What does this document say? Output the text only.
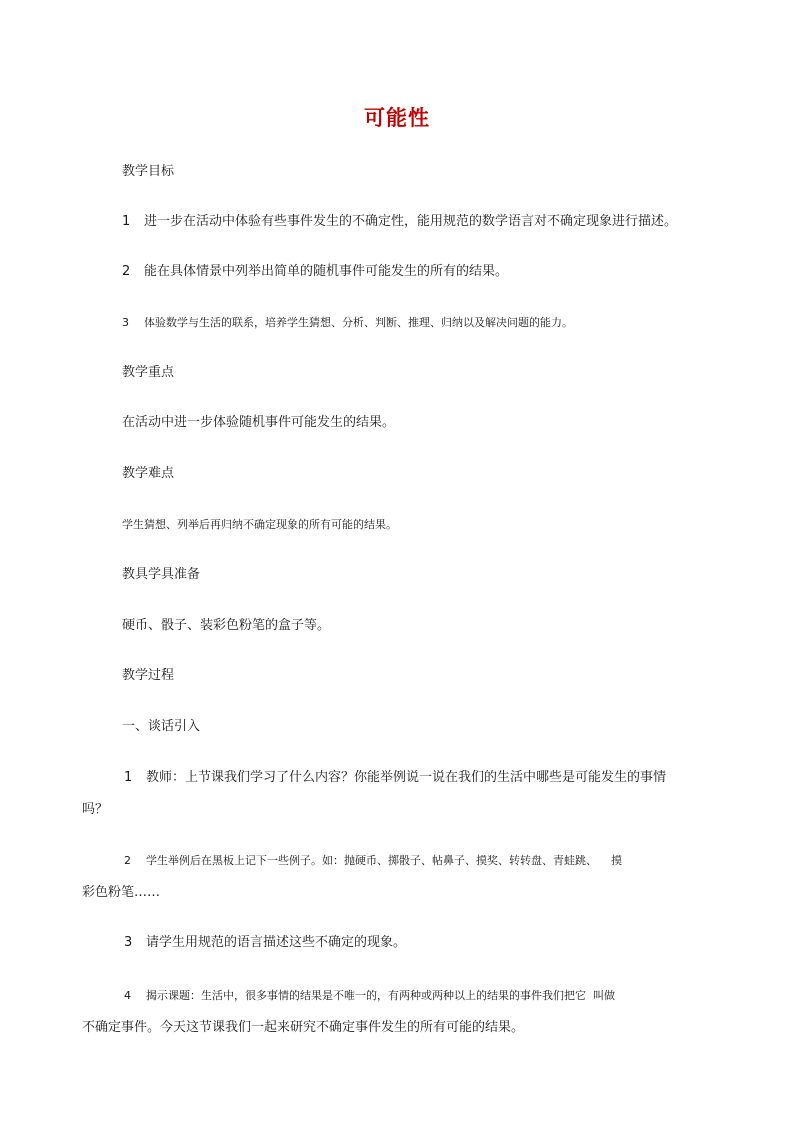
可能性
教学目标
1 进一步在活动中体验有些事件发生的不确定性，能用规范的数学语言对不确定现象进行描述。
2 能在具体情景中列举出简单的随机事件可能发生的所有的结果。
3 体验数学与生活的联系，培养学生猜想、分析、判断、推理、归纳以及解决问题的能力。
教学重点
在活动中进一步体验随机事件可能发生的结果。
教学难点
学生猜想、列举后再归纳不确定现象的所有可能的结果。
教具学具准备
硬币、骰子、装彩色粉笔的盒子等。
教学过程
一、谈话引入
1 教师：上节课我们学习了什么内容？你能举例说一说在我们的生活中哪些是可能发生的事情
吗？
2 学生举例后在黑板上记下一些例子。如：抛硬币、掷骰子、帖鼻子、摸奖、转转盘、青蛙跳、    摸
彩色粉笔……
3 请学生用规范的语言描述这些不确定的现象。
4 揭示课题：生活中，很多事情的结果是不唯一的，有两种或两种以上的结果的事件我们把它  叫做
不确定事件。今天这节课我们一起来研究不确定事件发生的所有可能的结果。
